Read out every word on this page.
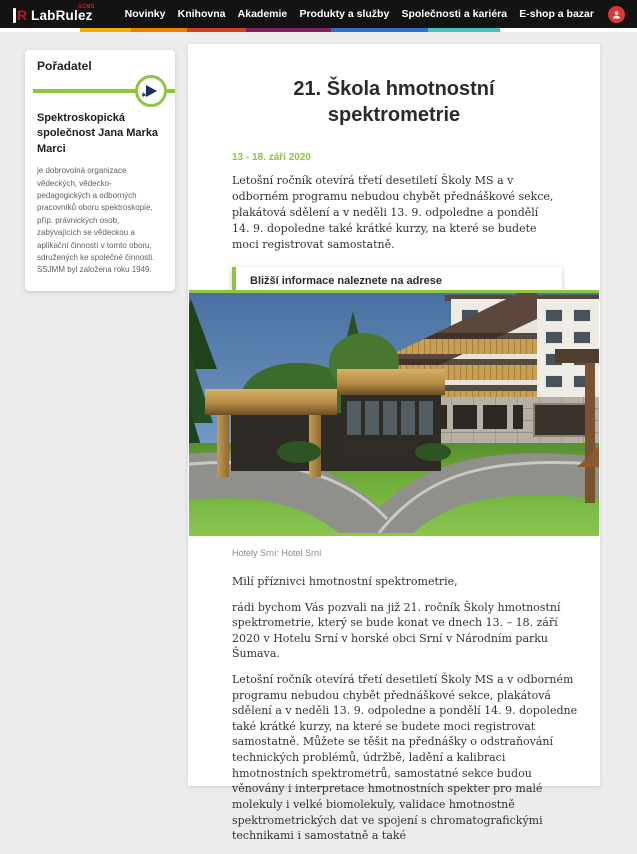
R LabRulez
GCMS
Novinky Knihovna Akademie Produkty a služby Společnosti a kariéra E-shop a bazar
Pořadatel
✶
Spektroskopická společnost Jana Marka Marci
je dobrovolná organizace vědeckých, vědecko-pedagogických a odborných pracovníků oboru spektroskopie, příp. právnických osob, zabývajících se vědeckou a aplikační činností v tomto oboru, sdružených ke společné činnosti. SSJMM byl založena roku 1949.
21. Škola hmotnostní spektrometrie
13 - 18. září 2020

Letošní ročník otevírá třetí desetiletí Školy MS a v odborném programu nebudou chybět přednáškové sekce, plakátová sdělení a v neděli 13. 9. odpoledne a pondělí 14. 9. dopoledne také krátké kurzy, na které se budete moci registrovat samostatně.

Bližší informace naleznete na adrese
Hotely Srní: Hotel Srní

Milí příznivci hmotnostní spektrometrie,

rádi bychom Vás pozvali na již 21. ročník Školy hmotnostní spektrometrie, který se bude konat ve dnech 13. – 18. září 2020 v Hotelu Srní v horské obci Srní v Národním parku Šumava.

Letošní ročník otevírá třetí desetiletí Školy MS a v odborném programu nebudou chybět přednáškové sekce, plakátová sdělení a v neděli 13. 9. odpoledne a pondělí 14. 9. dopoledne také krátké kurzy, na které se budete moci registrovat samostatně. Můžete se těšit na přednášky o odstraňování technických problémů, údržbě, ladění a kalibraci hmotnostních spektrometrů, samostatné sekce budou věnovány i interpretace hmotnostních spekter pro malé molekuly i velké biomolekuly, validace hmotnostně spektrometrických dat ve spojení s chromatografickými technikami i samostatně a také
